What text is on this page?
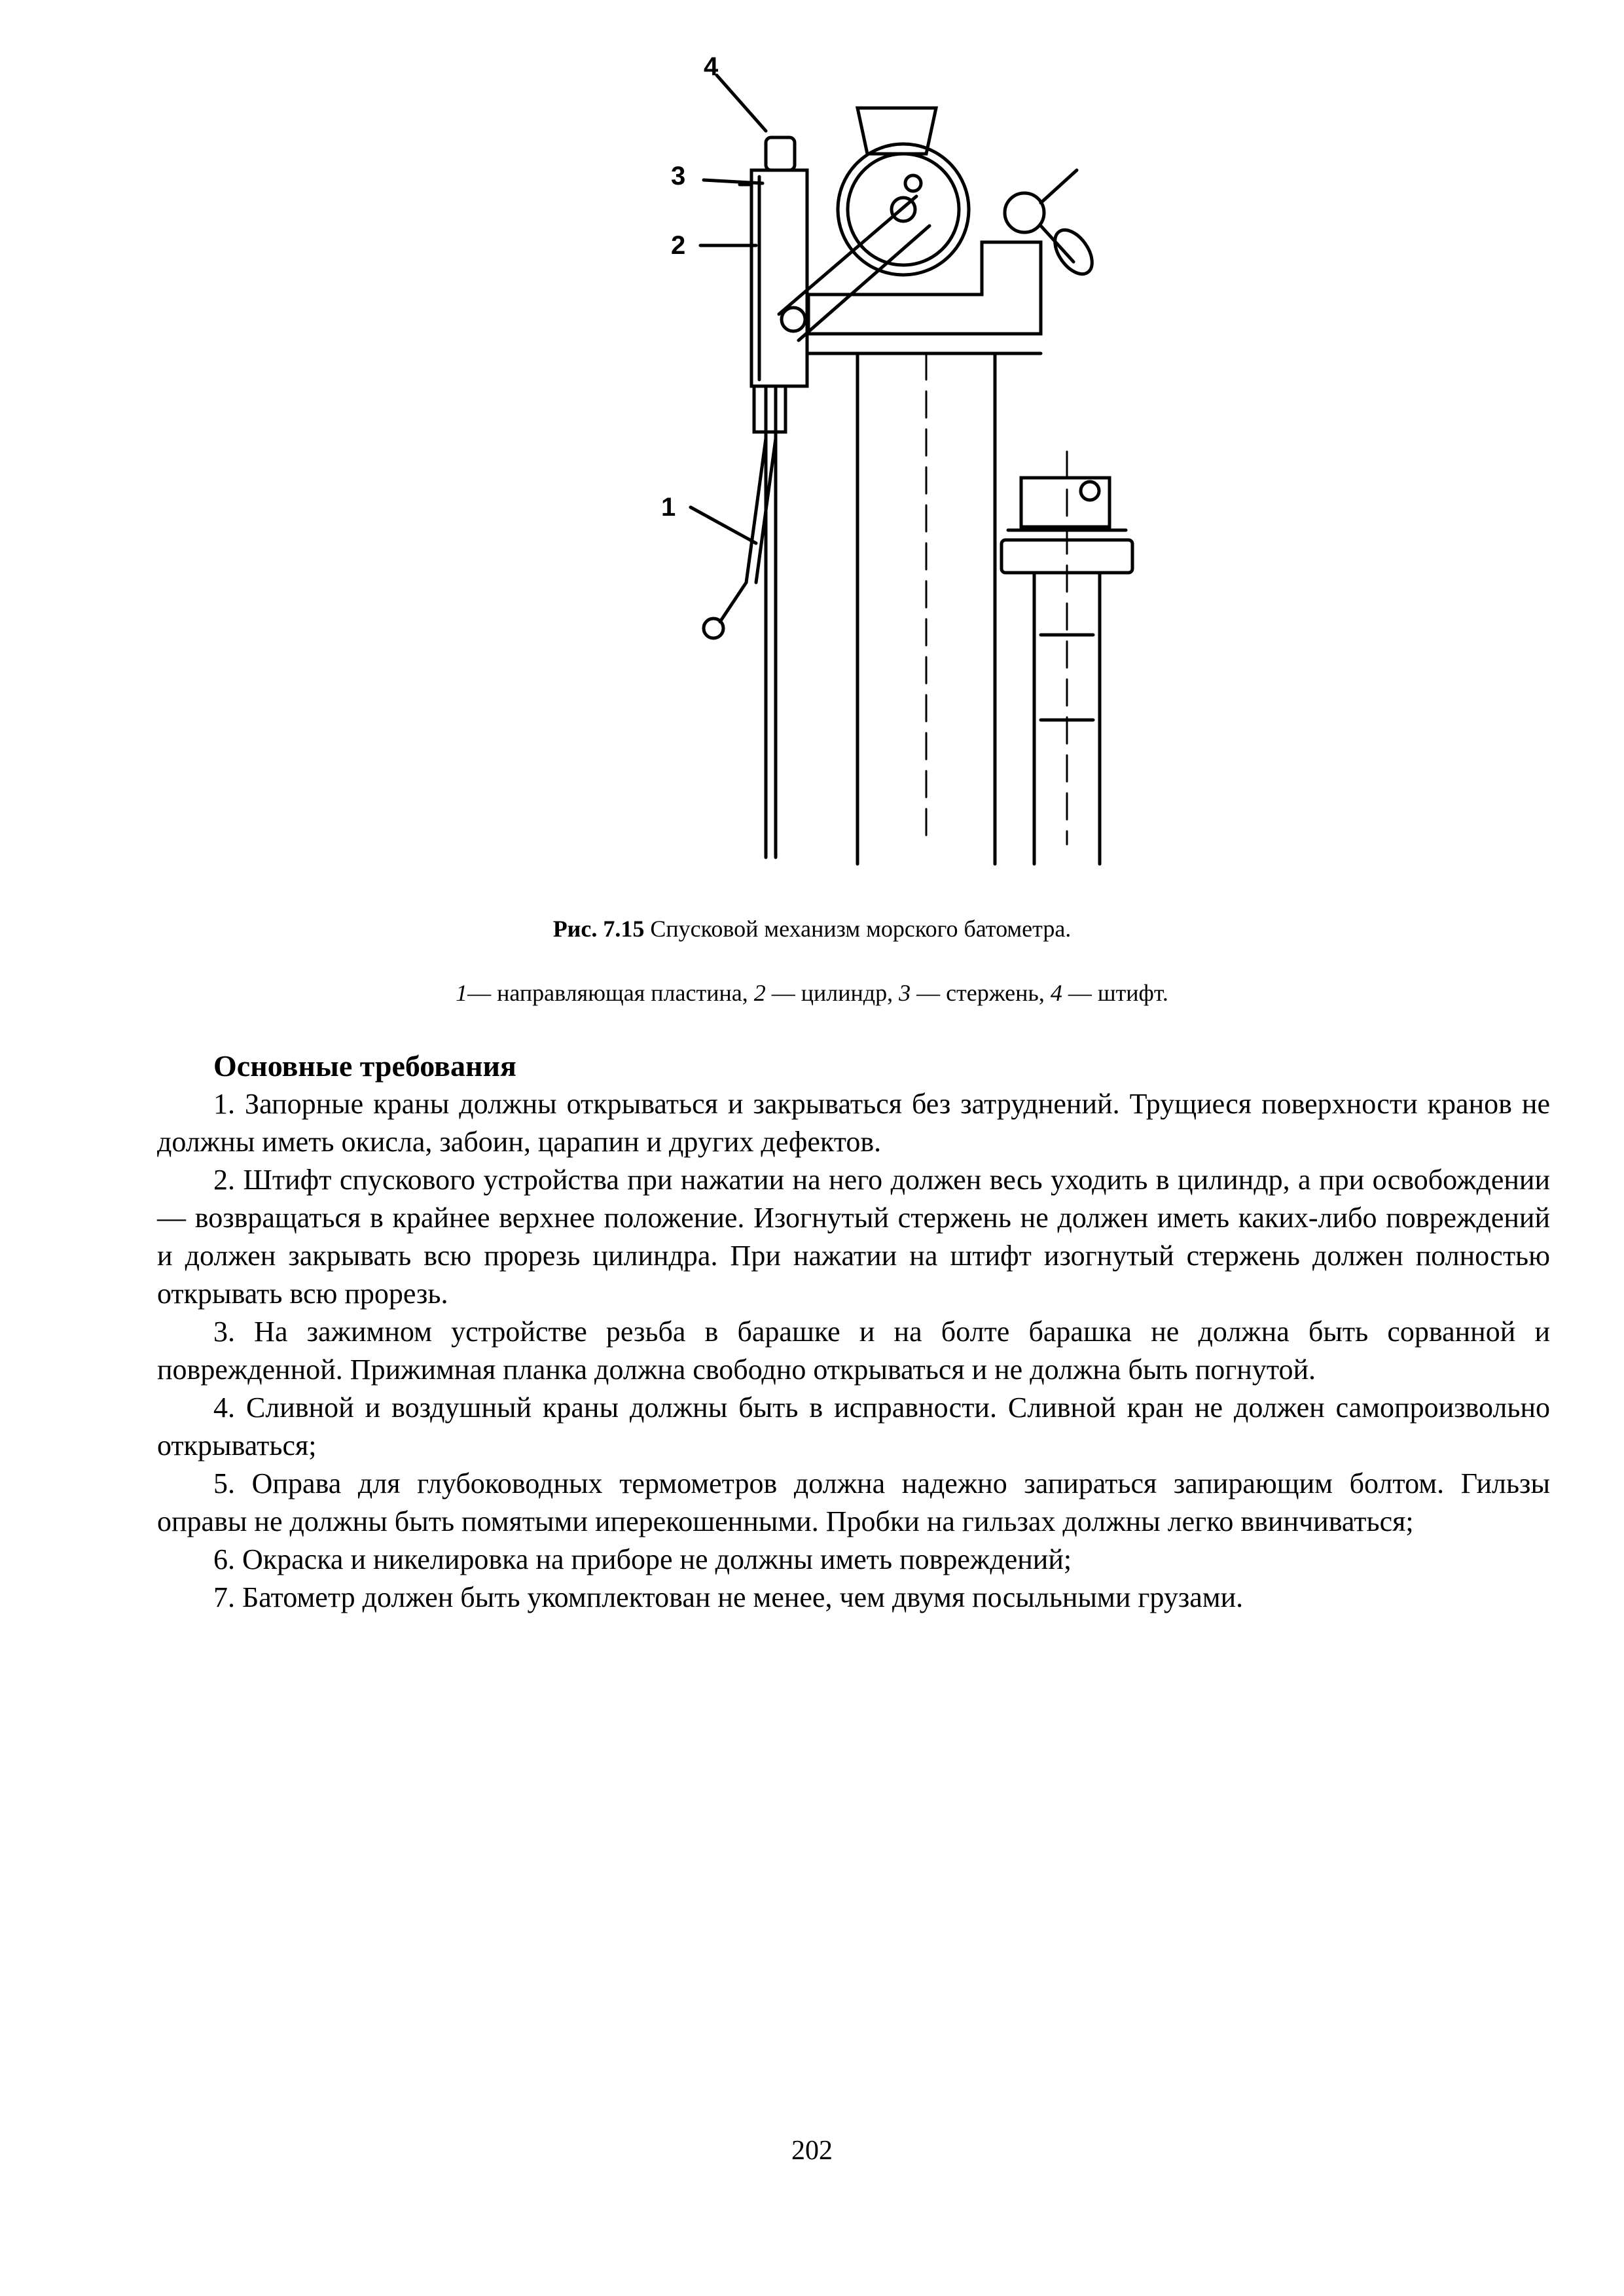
4
3
2
1
Рис. 7.15 Спусковой механизм морского батометра.
1— направляющая пластина, 2 — цилиндр, 3 — стержень, 4 — штифт.
Основные требования

1. Запорные краны должны открываться и закрываться без затруднений. Трущиеся поверхности кранов не должны иметь окисла, забоин, царапин и других дефектов.

2. Штифт спускового устройства при нажатии на него должен весь уходить в цилиндр, а при освобождении — возвращаться в крайнее верхнее положение. Изогнутый стержень не должен иметь каких-либо повреждений и должен закрывать всю прорезь цилиндра. При нажатии на штифт изогнутый стержень должен полностью открывать всю прорезь.

3. На зажимном устройстве резьба в барашке и на болте барашка не должна быть сорванной и поврежденной. Прижимная планка должна свободно открываться и не должна быть погнутой.

4. Сливной и воздушный краны должны быть в исправности. Сливной кран не должен самопроизвольно открываться;

5. Оправа для глубоководных термометров должна надежно запираться запирающим болтом. Гильзы оправы не должны быть помятыми иперекошенными. Пробки на гильзах должны легко ввинчиваться;

6. Окраска и никелировка на приборе не должны иметь повреждений;

7. Батометр должен быть укомплектован не менее, чем двумя посыльными грузами.

202
